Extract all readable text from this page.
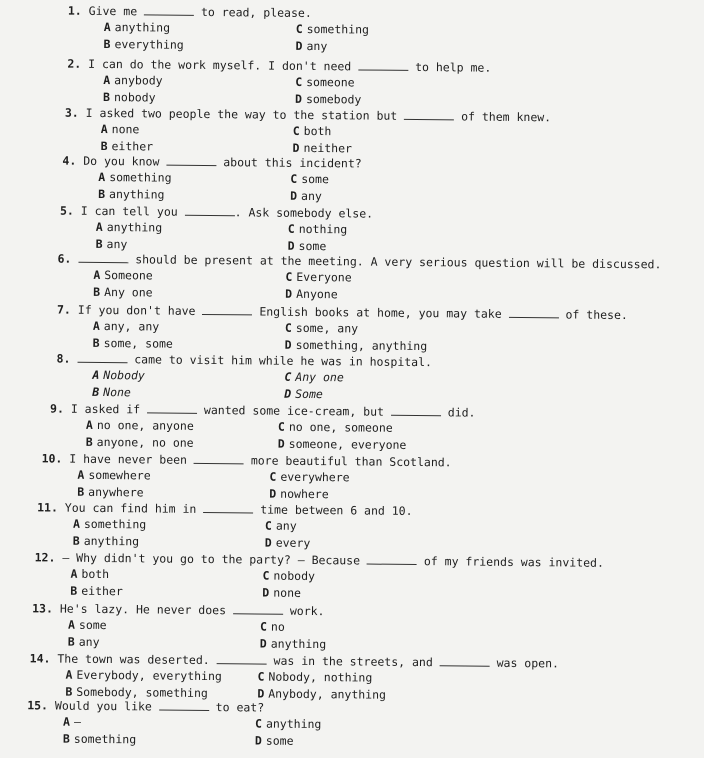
1. Give me	to read, please.
A anything	C something
B everything	D any
2. I can do the work myself. I don't need	to help me.
A anybody	C someone
B nobody	D somebody
3. I asked two people the way to the station but	of them knew.
A none	C both
B either	D neither
4. Do you know	about this incident?
A something	C some
B anything	D any
5. I can tell you	. Ask somebody else.
A anything	C nothing
B any	D some
6.	should be present at the meeting. A very serious question will be discussed.
A Someone	C Everyone
B Any one	D Anyone
7. If you don't have	English books at home, you may take	of these.
A any, any	C some, any
B some, some	D something, anything
8.	came to visit him while he was in hospital.
A Nobody	C Any one
B None	D Some
9. I asked if	wanted some ice-cream, but	did.
A no one, anyone	C no one, someone
B anyone, no one	D someone, everyone
10. I have never been	more beautiful than Scotland.
A somewhere	C everywhere
B anywhere	D nowhere
11. You can find him in	time between 6 and 10.
A something	C any
B anything	D every
12. — Why didn't you go to the party? — Because	of my friends was invited.
A both	C nobody
B either	D none
13. He's lazy. He never does	work.
A some	C no
B any	D anything
14. The town was deserted.	was in the streets, and	was open.
A Everybody, everything	C Nobody, nothing
B Somebody, something	D Anybody, anything
15. Would you like	to eat?
A —	C anything
B something	D some
